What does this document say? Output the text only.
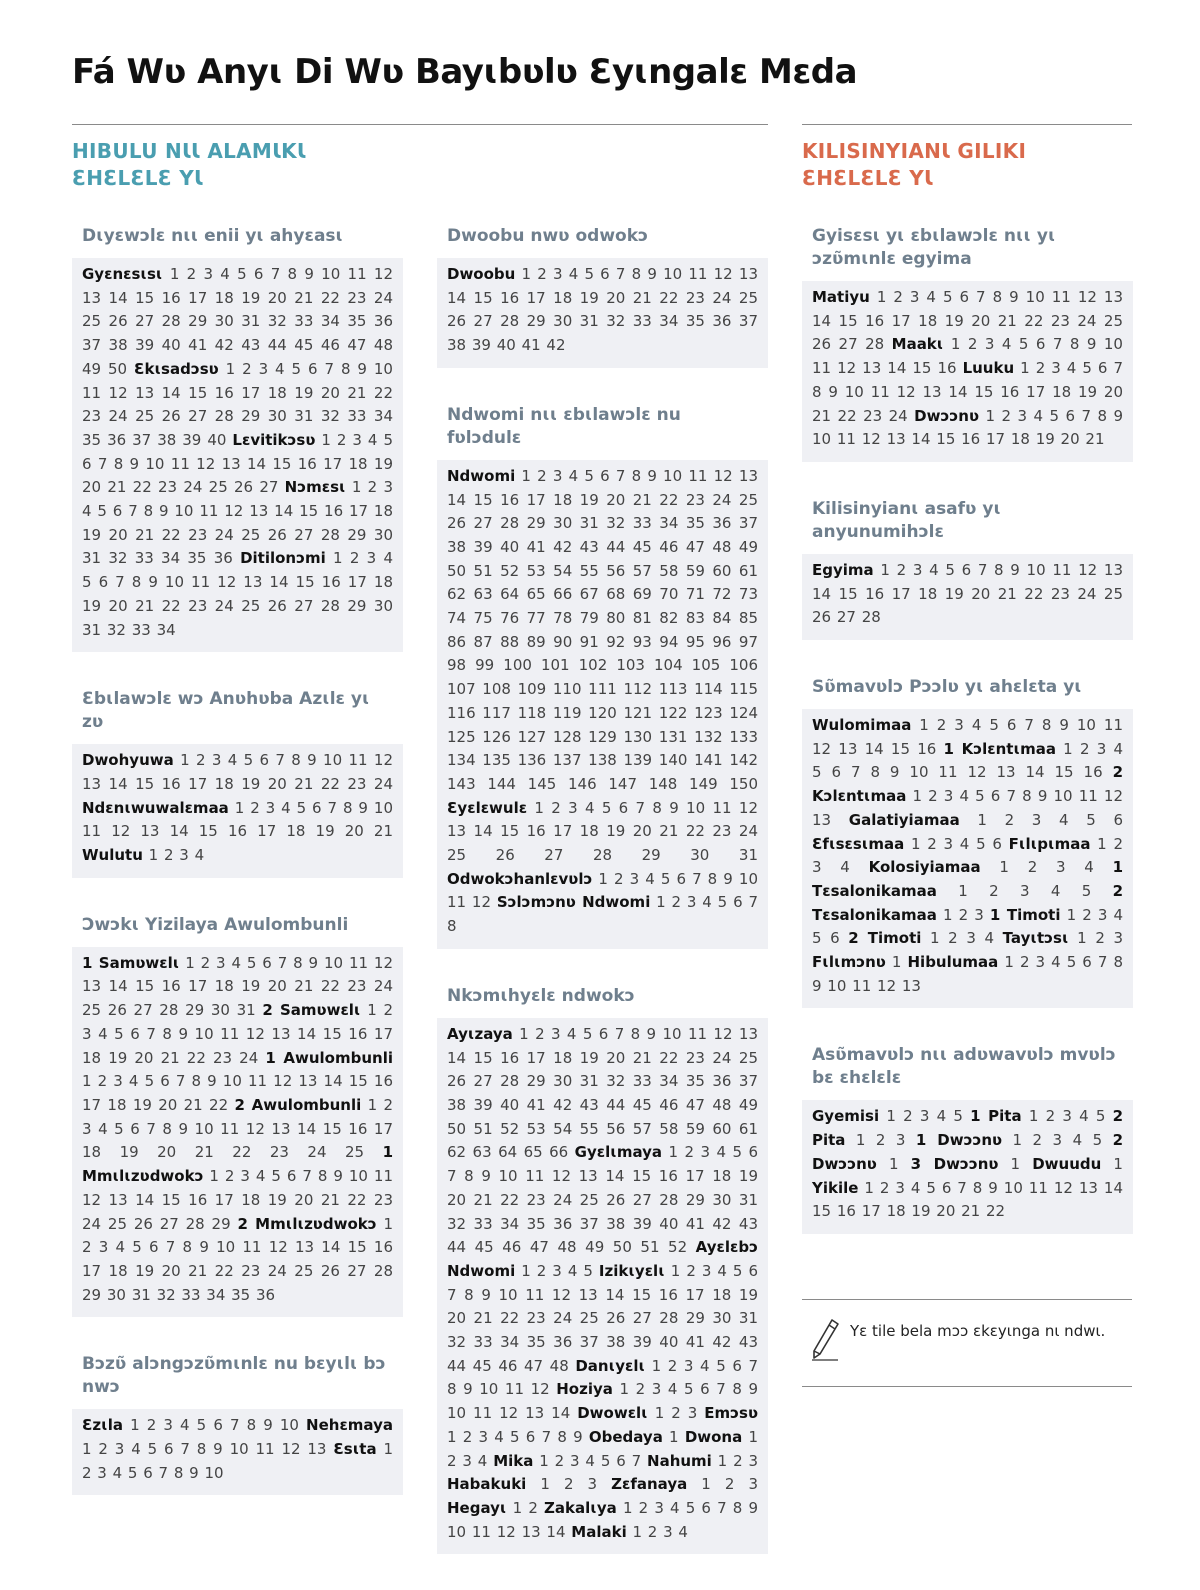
Fá Wʋ Anyɩ Di Wʋ Bayɩbʋlʋ Ɛyɩngalɛ Mɛda
HIBULU NƖƖ ALAMƖKƖ
ƐHƐLƐLƐ YƖ
KILISINYIANƖ GILIKI
ƐHƐLƐLƐ YƖ
Dɩyɛwɔlɛ nɩɩ enii yɩ ahyɛasɩ
Gyɛnɛsɩsɩ 1 2 3 4 5 6 7 8 9 10 11 12 13 14 15 16 17 18 19 20 21 22 23 24 25 26 27 28 29 30 31 32 33 34 35 36 37 38 39 40 41 42 43 44 45 46 47 48 49 50 Ɛkɩsadɔsʋ 1 2 3 4 5 6 7 8 9 10 11 12 13 14 15 16 17 18 19 20 21 22 23 24 25 26 27 28 29 30 31 32 33 34 35 36 37 38 39 40 Lɛvitikɔsʋ 1 2 3 4 5 6 7 8 9 10 11 12 13 14 15 16 17 18 19 20 21 22 23 24 25 26 27 Nɔmɛsɩ 1 2 3 4 5 6 7 8 9 10 11 12 13 14 15 16 17 18 19 20 21 22 23 24 25 26 27 28 29 30 31 32 33 34 35 36 Ditilonɔmi 1 2 3 4 5 6 7 8 9 10 11 12 13 14 15 16 17 18 19 20 21 22 23 24 25 26 27 28 29 30 31 32 33 34
Ɛbɩlawɔlɛ wɔ Anʋhʋba Azɩlɛ yɩ zʋ
Dwohyuwa 1 2 3 4 5 6 7 8 9 10 11 12 13 14 15 16 17 18 19 20 21 22 23 24 Ndɛnɩwuwalɛmaa 1 2 3 4 5 6 7 8 9 10 11 12 13 14 15 16 17 18 19 20 21 Wulutu 1 2 3 4
Ɔwɔkɩ Yizilaya Awulombunli
1 Samʋwɛlɩ 1 2 3 4 5 6 7 8 9 10 11 12 13 14 15 16 17 18 19 20 21 22 23 24 25 26 27 28 29 30 31 2 Samʋwɛlɩ 1 2 3 4 5 6 7 8 9 10 11 12 13 14 15 16 17 18 19 20 21 22 23 24 1 Awulombunli 1 2 3 4 5 6 7 8 9 10 11 12 13 14 15 16 17 18 19 20 21 22 2 Awulombunli 1 2 3 4 5 6 7 8 9 10 11 12 13 14 15 16 17 18 19 20 21 22 23 24 25 1 Mmɩlɩzʋdwokɔ 1 2 3 4 5 6 7 8 9 10 11 12 13 14 15 16 17 18 19 20 21 22 23 24 25 26 27 28 29 2 Mmɩlɩzʋdwokɔ 1 2 3 4 5 6 7 8 9 10 11 12 13 14 15 16 17 18 19 20 21 22 23 24 25 26 27 28 29 30 31 32 33 34 35 36
Bɔzʋ̃ alɔngɔzʋ̃mɩnlɛ nu bɛyɩlɩ bɔ nwɔ
Ɛzɩla 1 2 3 4 5 6 7 8 9 10 Nehɛmaya 1 2 3 4 5 6 7 8 9 10 11 12 13 Ɛsɩta 1 2 3 4 5 6 7 8 9 10
Dwoobu nwʋ odwokɔ
Dwoobu 1 2 3 4 5 6 7 8 9 10 11 12 13 14 15 16 17 18 19 20 21 22 23 24 25 26 27 28 29 30 31 32 33 34 35 36 37 38 39 40 41 42
Ndwomi nɩɩ ɛbɩlawɔlɛ nu fʋlɔdulɛ
Ndwomi 1 2 3 4 5 6 7 8 9 10 11 12 13 14 15 16 17 18 19 20 21 22 23 24 25 26 27 28 29 30 31 32 33 34 35 36 37 38 39 40 41 42 43 44 45 46 47 48 49 50 51 52 53 54 55 56 57 58 59 60 61 62 63 64 65 66 67 68 69 70 71 72 73 74 75 76 77 78 79 80 81 82 83 84 85 86 87 88 89 90 91 92 93 94 95 96 97 98 99 100 101 102 103 104 105 106 107 108 109 110 111 112 113 114 115 116 117 118 119 120 121 122 123 124 125 126 127 128 129 130 131 132 133 134 135 136 137 138 139 140 141 142 143 144 145 146 147 148 149 150 Ɛyɛlɛwulɛ 1 2 3 4 5 6 7 8 9 10 11 12 13 14 15 16 17 18 19 20 21 22 23 24 25 26 27 28 29 30 31 Odwokɔhanlɛvʋlɔ 1 2 3 4 5 6 7 8 9 10 11 12 Sɔlɔmɔnʋ Ndwomi 1 2 3 4 5 6 7 8
Nkɔmɩhyɛlɛ ndwokɔ
Ayɩzaya 1 2 3 4 5 6 7 8 9 10 11 12 13 14 15 16 17 18 19 20 21 22 23 24 25 26 27 28 29 30 31 32 33 34 35 36 37 38 39 40 41 42 43 44 45 46 47 48 49 50 51 52 53 54 55 56 57 58 59 60 61 62 63 64 65 66 Gyɛlɩmaya 1 2 3 4 5 6 7 8 9 10 11 12 13 14 15 16 17 18 19 20 21 22 23 24 25 26 27 28 29 30 31 32 33 34 35 36 37 38 39 40 41 42 43 44 45 46 47 48 49 50 51 52 Ayɛlɛbɔ Ndwomi 1 2 3 4 5 Izikɩyɛlɩ 1 2 3 4 5 6 7 8 9 10 11 12 13 14 15 16 17 18 19 20 21 22 23 24 25 26 27 28 29 30 31 32 33 34 35 36 37 38 39 40 41 42 43 44 45 46 47 48 Danɩyɛlɩ 1 2 3 4 5 6 7 8 9 10 11 12 Hoziya 1 2 3 4 5 6 7 8 9 10 11 12 13 14 Dwowɛlɩ 1 2 3 Emɔsʋ 1 2 3 4 5 6 7 8 9 Obedaya 1 Dwona 1 2 3 4 Mika 1 2 3 4 5 6 7 Nahumi 1 2 3 Habakuki 1 2 3 Zɛfanaya 1 2 3 Hegayɩ 1 2 Zakalɩya 1 2 3 4 5 6 7 8 9 10 11 12 13 14 Malaki 1 2 3 4
Gyisɛsɩ yɩ ɛbɩlawɔlɛ nɩɩ yɩ ɔzʋ̃mɩnlɛ egyima
Matiyu 1 2 3 4 5 6 7 8 9 10 11 12 13 14 15 16 17 18 19 20 21 22 23 24 25 26 27 28 Maakɩ 1 2 3 4 5 6 7 8 9 10 11 12 13 14 15 16 Luuku 1 2 3 4 5 6 7 8 9 10 11 12 13 14 15 16 17 18 19 20 21 22 23 24 Dwɔɔnʋ 1 2 3 4 5 6 7 8 9 10 11 12 13 14 15 16 17 18 19 20 21
Kilisinyianɩ asafʋ yɩ anyunumihɔlɛ
Egyima 1 2 3 4 5 6 7 8 9 10 11 12 13 14 15 16 17 18 19 20 21 22 23 24 25 26 27 28
Sʋ̃mavʋlɔ Pɔɔlʋ yɩ ahɛlɛta yɩ
Wulomimaa 1 2 3 4 5 6 7 8 9 10 11 12 13 14 15 16 1 Kɔlɛntɩmaa 1 2 3 4 5 6 7 8 9 10 11 12 13 14 15 16 2 Kɔlɛntɩmaa 1 2 3 4 5 6 7 8 9 10 11 12 13 Galatiyiamaa 1 2 3 4 5 6 Ɛfɩsɛsɩmaa 1 2 3 4 5 6 Fɩlɩpɩmaa 1 2 3 4 Kolosiyiamaa 1 2 3 4 1 Tɛsalonikamaa 1 2 3 4 5 2 Tɛsalonikamaa 1 2 3 1 Timoti 1 2 3 4 5 6 2 Timoti 1 2 3 4 Tayɩtɔsɩ 1 2 3 Fɩlɩmɔnʋ 1 Hibulumaa 1 2 3 4 5 6 7 8 9 10 11 12 13
Asʋ̃mavʋlɔ nɩɩ adʋwavʋlɔ mvʋlɔ bɛ ɛhɛlɛlɛ
Gyemisi 1 2 3 4 5 1 Pita 1 2 3 4 5 2 Pita 1 2 3 1 Dwɔɔnʋ 1 2 3 4 5 2 Dwɔɔnʋ 1 3 Dwɔɔnʋ 1 Dwuudu 1 Yikile 1 2 3 4 5 6 7 8 9 10 11 12 13 14 15 16 17 18 19 20 21 22
Yɛ tile bela mɔɔ ɛkɛyɩnga nɩ ndwɩ.
